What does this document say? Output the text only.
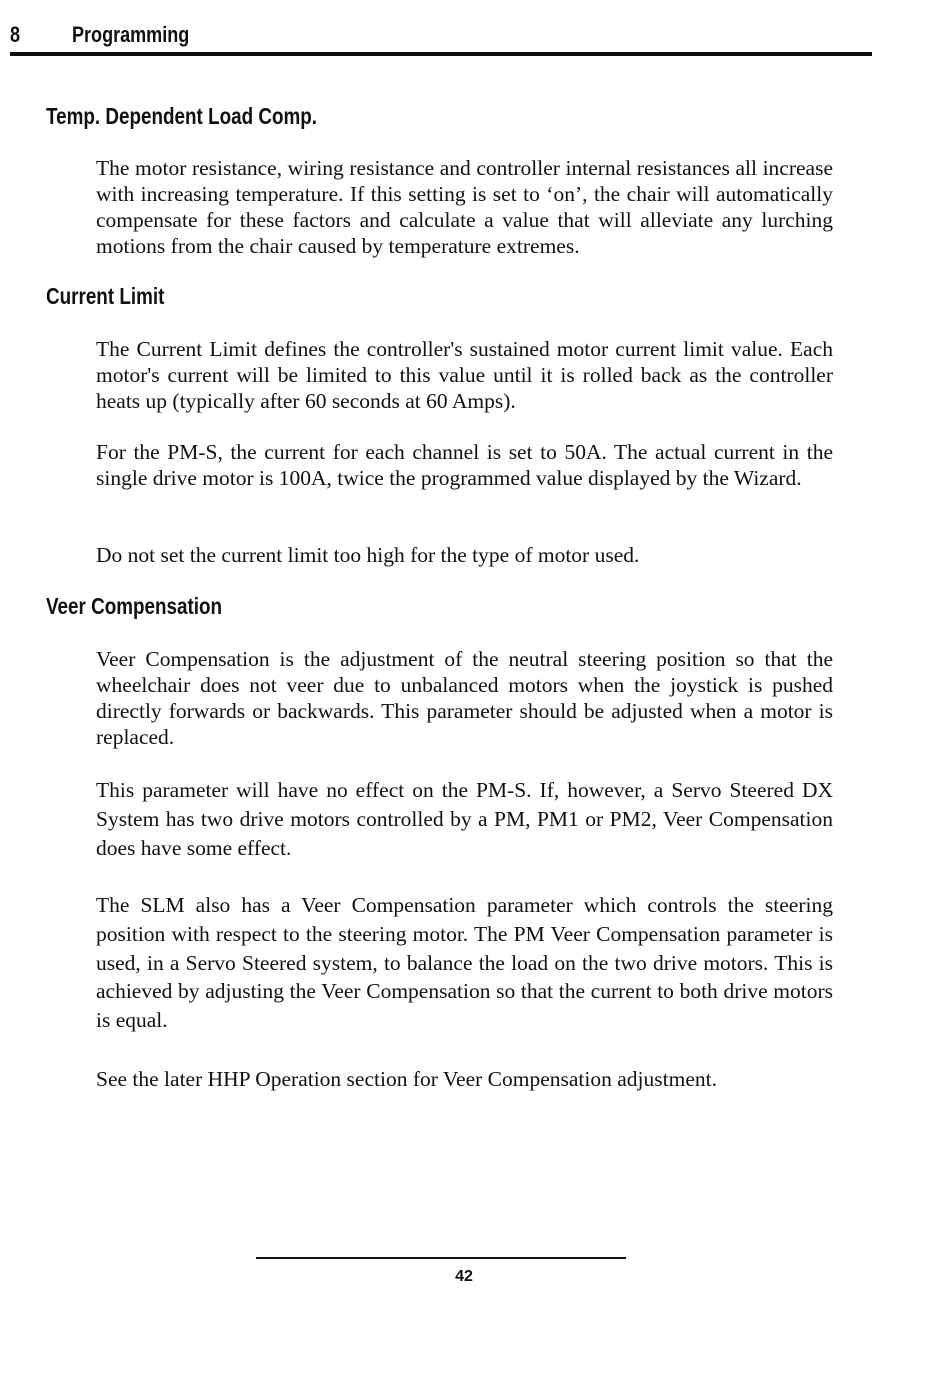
8 Programming
Temp. Dependent Load Comp.

The motor resistance, wiring resistance and controller internal resistances all increase with increasing temperature. If this setting is set to ‘on’, the chair will automatically compensate for these factors and calculate a value that will alleviate any lurching motions from the chair caused by temperature extremes.

Current Limit

The Current Limit defines the controller's sustained motor current limit value. Each motor's current will be limited to this value until it is rolled back as the controller heats up (typically after 60 seconds at 60 Amps).

For the PM-S, the current for each channel is set to 50A. The actual current in the single drive motor is 100A, twice the programmed value displayed by the Wizard.

Do not set the current limit too high for the type of motor used.

Veer Compensation

Veer Compensation is the adjustment of the neutral steering position so that the wheelchair does not veer due to unbalanced motors when the joystick is pushed directly forwards or backwards. This parameter should be adjusted when a motor is replaced.

This parameter will have no effect on the PM-S. If, however, a Servo Steered DX System has two drive motors controlled by a PM, PM1 or PM2, Veer Compensation does have some effect.

The SLM also has a Veer Compensation parameter which controls the steering position with respect to the steering motor. The PM Veer Compensation parameter is used, in a Servo Steered system, to balance the load on the two drive motors. This is achieved by adjusting the Veer Compensation so that the current to both drive motors is equal.

See the later HHP Operation section for Veer Compensation adjustment.

42
